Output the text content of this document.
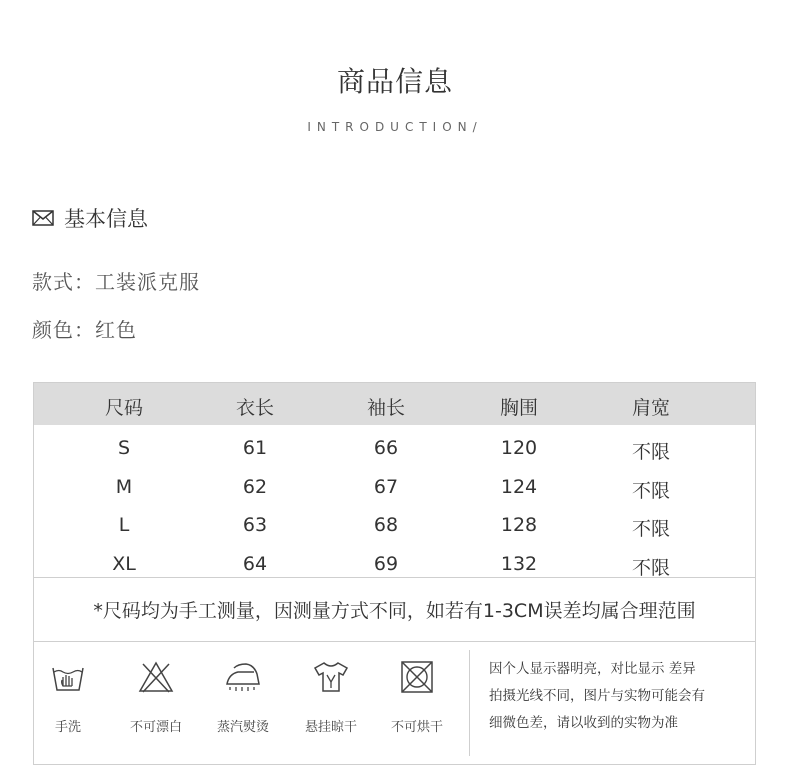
商品信息
INTRODUCTION/
基本信息
款式：工装派克服
颜色：红色
尺码	衣长	袖长	胸围	肩宽
S	61	66	120	不限
M	62	67	124	不限
L	63	68	128	不限
XL	64	69	132	不限
*尺码均为手工测量，因测量方式不同，如若有1-3CM误差均属合理范围
手洗	不可漂白	蒸汽熨烫	悬挂晾干	不可烘干
因个人显示器明亮，对比显示 差异
拍摄光线不同，图片与实物可能会有
细微色差，请以收到的实物为准
